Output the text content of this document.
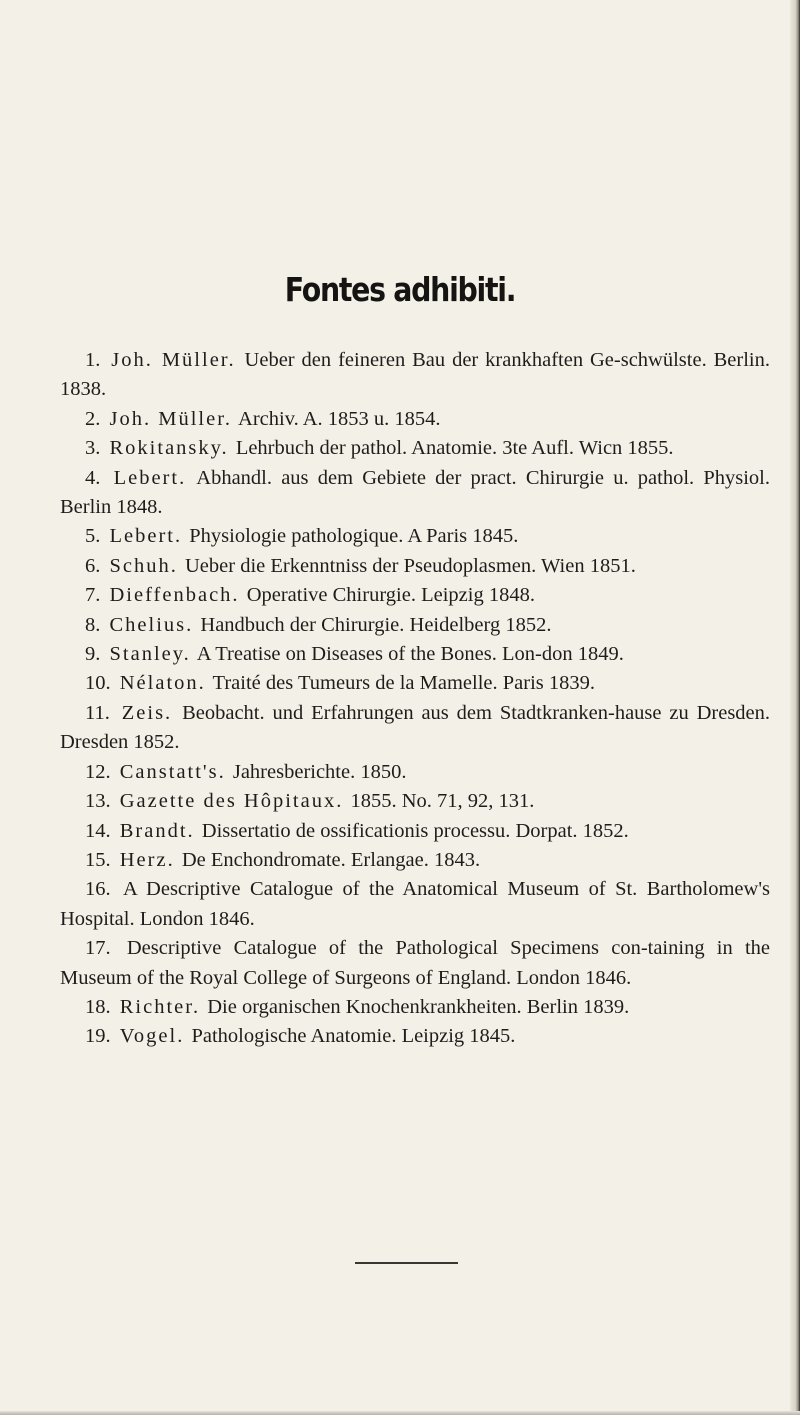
Fontes adhibiti.

1. Joh. Müller. Ueber den feineren Bau der krankhaften Ge-schwülste. Berlin. 1838.

2. Joh. Müller. Archiv. A. 1853 u. 1854.

3. Rokitansky. Lehrbuch der pathol. Anatomie. 3te Aufl. Wicn 1855.

4. Lebert. Abhandl. aus dem Gebiete der pract. Chirurgie u. pathol. Physiol. Berlin 1848.

5. Lebert. Physiologie pathologique. A Paris 1845.

6. Schuh. Ueber die Erkenntniss der Pseudoplasmen. Wien 1851.

7. Dieffenbach. Operative Chirurgie. Leipzig 1848.

8. Chelius. Handbuch der Chirurgie. Heidelberg 1852.

9. Stanley. A Treatise on Diseases of the Bones. Lon-don 1849.

10. Nélaton. Traité des Tumeurs de la Mamelle. Paris 1839.

11. Zeis. Beobacht. und Erfahrungen aus dem Stadtkranken-hause zu Dresden. Dresden 1852.

12. Canstatt's. Jahresberichte. 1850.

13. Gazette des Hôpitaux. 1855. No. 71, 92, 131.

14. Brandt. Dissertatio de ossificationis processu. Dorpat. 1852.

15. Herz. De Enchondromate. Erlangae. 1843.

16. A Descriptive Catalogue of the Anatomical Museum of St. Bartholomew's Hospital. London 1846.

17. Descriptive Catalogue of the Pathological Specimens con-taining in the Museum of the Royal College of Surgeons of England. London 1846.

18. Richter. Die organischen Knochenkrankheiten. Berlin 1839.

19. Vogel. Pathologische Anatomie. Leipzig 1845.
